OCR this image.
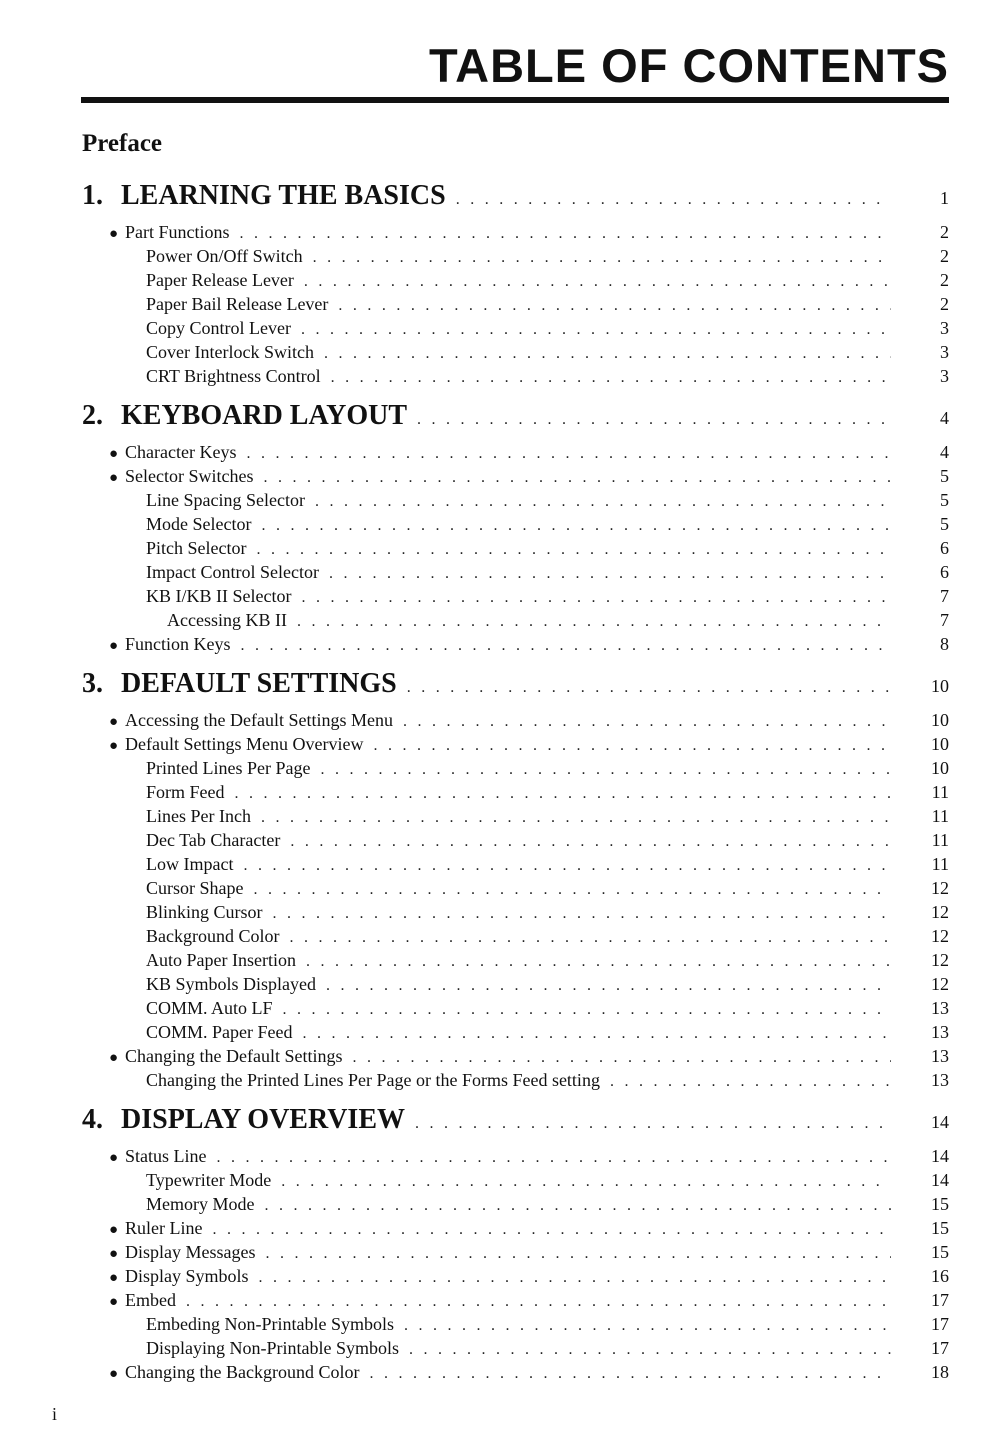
TABLE OF CONTENTS
Preface
1. LEARNING THE BASICS . . .	1
● Part Functions . . .	2
Power On/Off Switch . . .	2
Paper Release Lever . . .	2
Paper Bail Release Lever . . .	2
Copy Control Lever . . .	3
Cover Interlock Switch . . .	3
CRT Brightness Control . . .	3
2. KEYBOARD LAYOUT . . .	4
● Character Keys . . .	4
● Selector Switches . . .	5
Line Spacing Selector . . .	5
Mode Selector . . .	5
Pitch Selector . . .	6
Impact Control Selector . . .	6
KB I/KB II Selector . . .	7
Accessing KB II . . .	7
● Function Keys . . .	8
3. DEFAULT SETTINGS . . .	10
● Accessing the Default Settings Menu . . .	10
● Default Settings Menu Overview . . .	10
Printed Lines Per Page . . .	10
Form Feed . . .	11
Lines Per Inch . . .	11
Dec Tab Character . . .	11
Low Impact . . .	11
Cursor Shape . . .	12
Blinking Cursor . . .	12
Background Color . . .	12
Auto Paper Insertion . . .	12
KB Symbols Displayed . . .	12
COMM. Auto LF . . .	13
COMM. Paper Feed . . .	13
● Changing the Default Settings . . .	13
Changing the Printed Lines Per Page or the Forms Feed setting . . .	13
4. DISPLAY OVERVIEW . . .	14
● Status Line . . .	14
Typewriter Mode . . .	14
Memory Mode . . .	15
● Ruler Line . . .	15
● Display Messages . . .	15
● Display Symbols . . .	16
● Embed . . .	17
Embeding Non-Printable Symbols . . .	17
Displaying Non-Printable Symbols . . .	17
● Changing the Background Color . . .	18
i
